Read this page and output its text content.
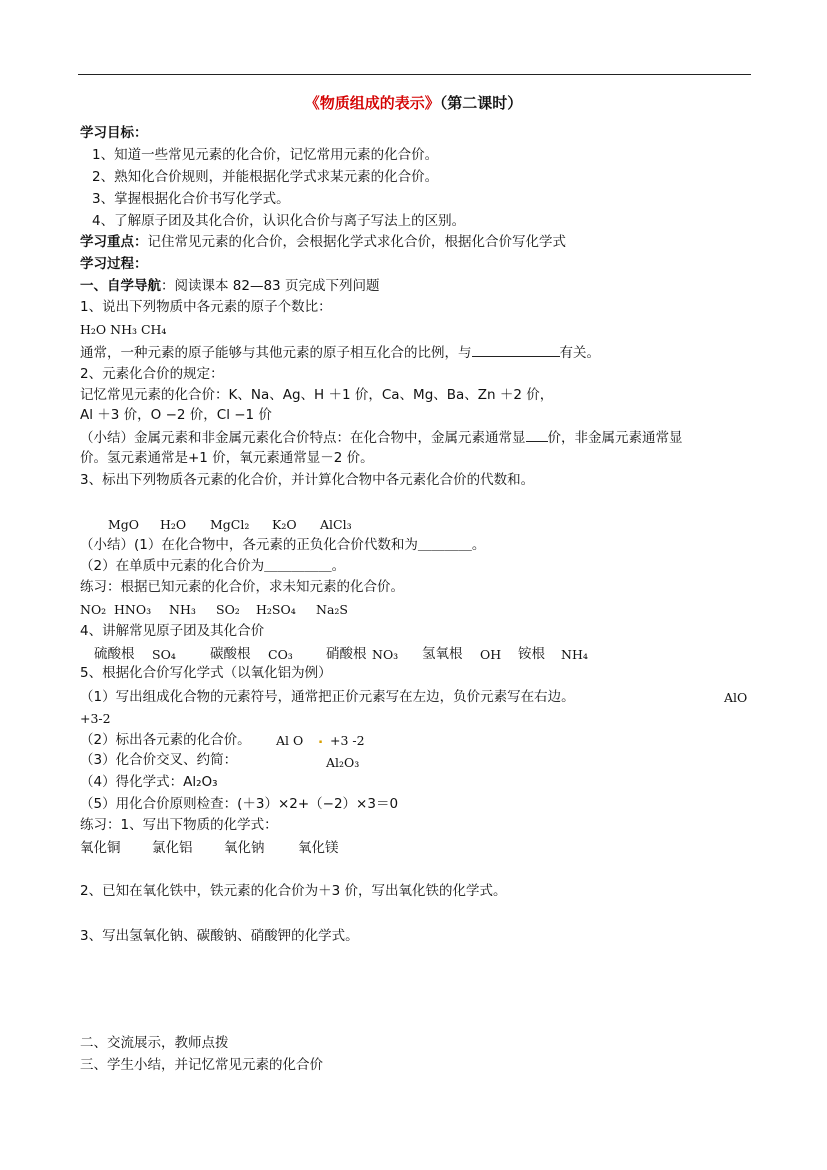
《物质组成的表示》（第二课时）
学习目标：
1、知道一些常见元素的化合价，记忆常用元素的化合价。
2、熟知化合价规则，并能根据化学式求某元素的化合价。
3、掌握根据化合价书写化学式。
4、了解原子团及其化合价，认识化合价与离子写法上的区别。
学习重点：记住常见元素的化合价，会根据化学式求化合价，根据化合价写化学式
学习过程：
一、自学导航：阅读课本 82—83 页完成下列问题
1、说出下列物质中各元素的原子个数比：
H₂O NH₃ CH₄
通常，一种元素的原子能够与其他元素的原子相互化合的比例，与	有关。
2、元素化合价的规定：
记忆常见元素的化合价：K、Na、Ag、H ＋1 价，Ca、Mg、Ba、Zn ＋2 价，
Al ＋3 价，O −2 价，Cl −1 价
（小结）金属元素和非金属元素化合价特点：在化合物中，金属元素通常显 价，非金属元素通常显
价。氢元素通常是+1 价，氧元素通常显－2 价。
3、标出下列物质各元素的化合价，并计算化合物中各元素化合价的代数和。
MgO H₂O MgCl₂ K₂O AlCl₃
（小结）(1）在化合物中，各元素的正负化合价代数和为＿＿＿＿。
（2）在单质中元素的化合价为＿＿＿＿＿。
练习：根据已知元素的化合价，求未知元素的化合价。
NO₂ HNO₃ NH₃ SO₂ H₂SO₄ Na₂S
4、讲解常见原子团及其化合价
硫酸根 SO₄	碳酸根 CO₃ 硝酸根 NO₃ 氢氧根 OH 铵根 NH₄
5、根据化合价写化学式（以氧化铝为例）
（1）写出组成化合物的元素符号，通常把正价元素写在左边，负价元素写在右边。	AlO
+3-2
（2）标出各元素的化合价。 Al O . +3 -2
（3）化合价交叉、约简：	Al₂O₃
（4）得化学式：Al₂O₃
（5）用化合价原则检查：(＋3）×2+（−2）×3＝0
练习：1、写出下物质的化学式：
氧化铜 氯化铝 氧化钠 氧化镁
2、已知在氧化铁中，铁元素的化合价为＋3 价，写出氧化铁的化学式。
3、写出氢氧化钠、碳酸钠、硝酸钾的化学式。
二、交流展示，教师点拨
三、学生小结，并记忆常见元素的化合价
